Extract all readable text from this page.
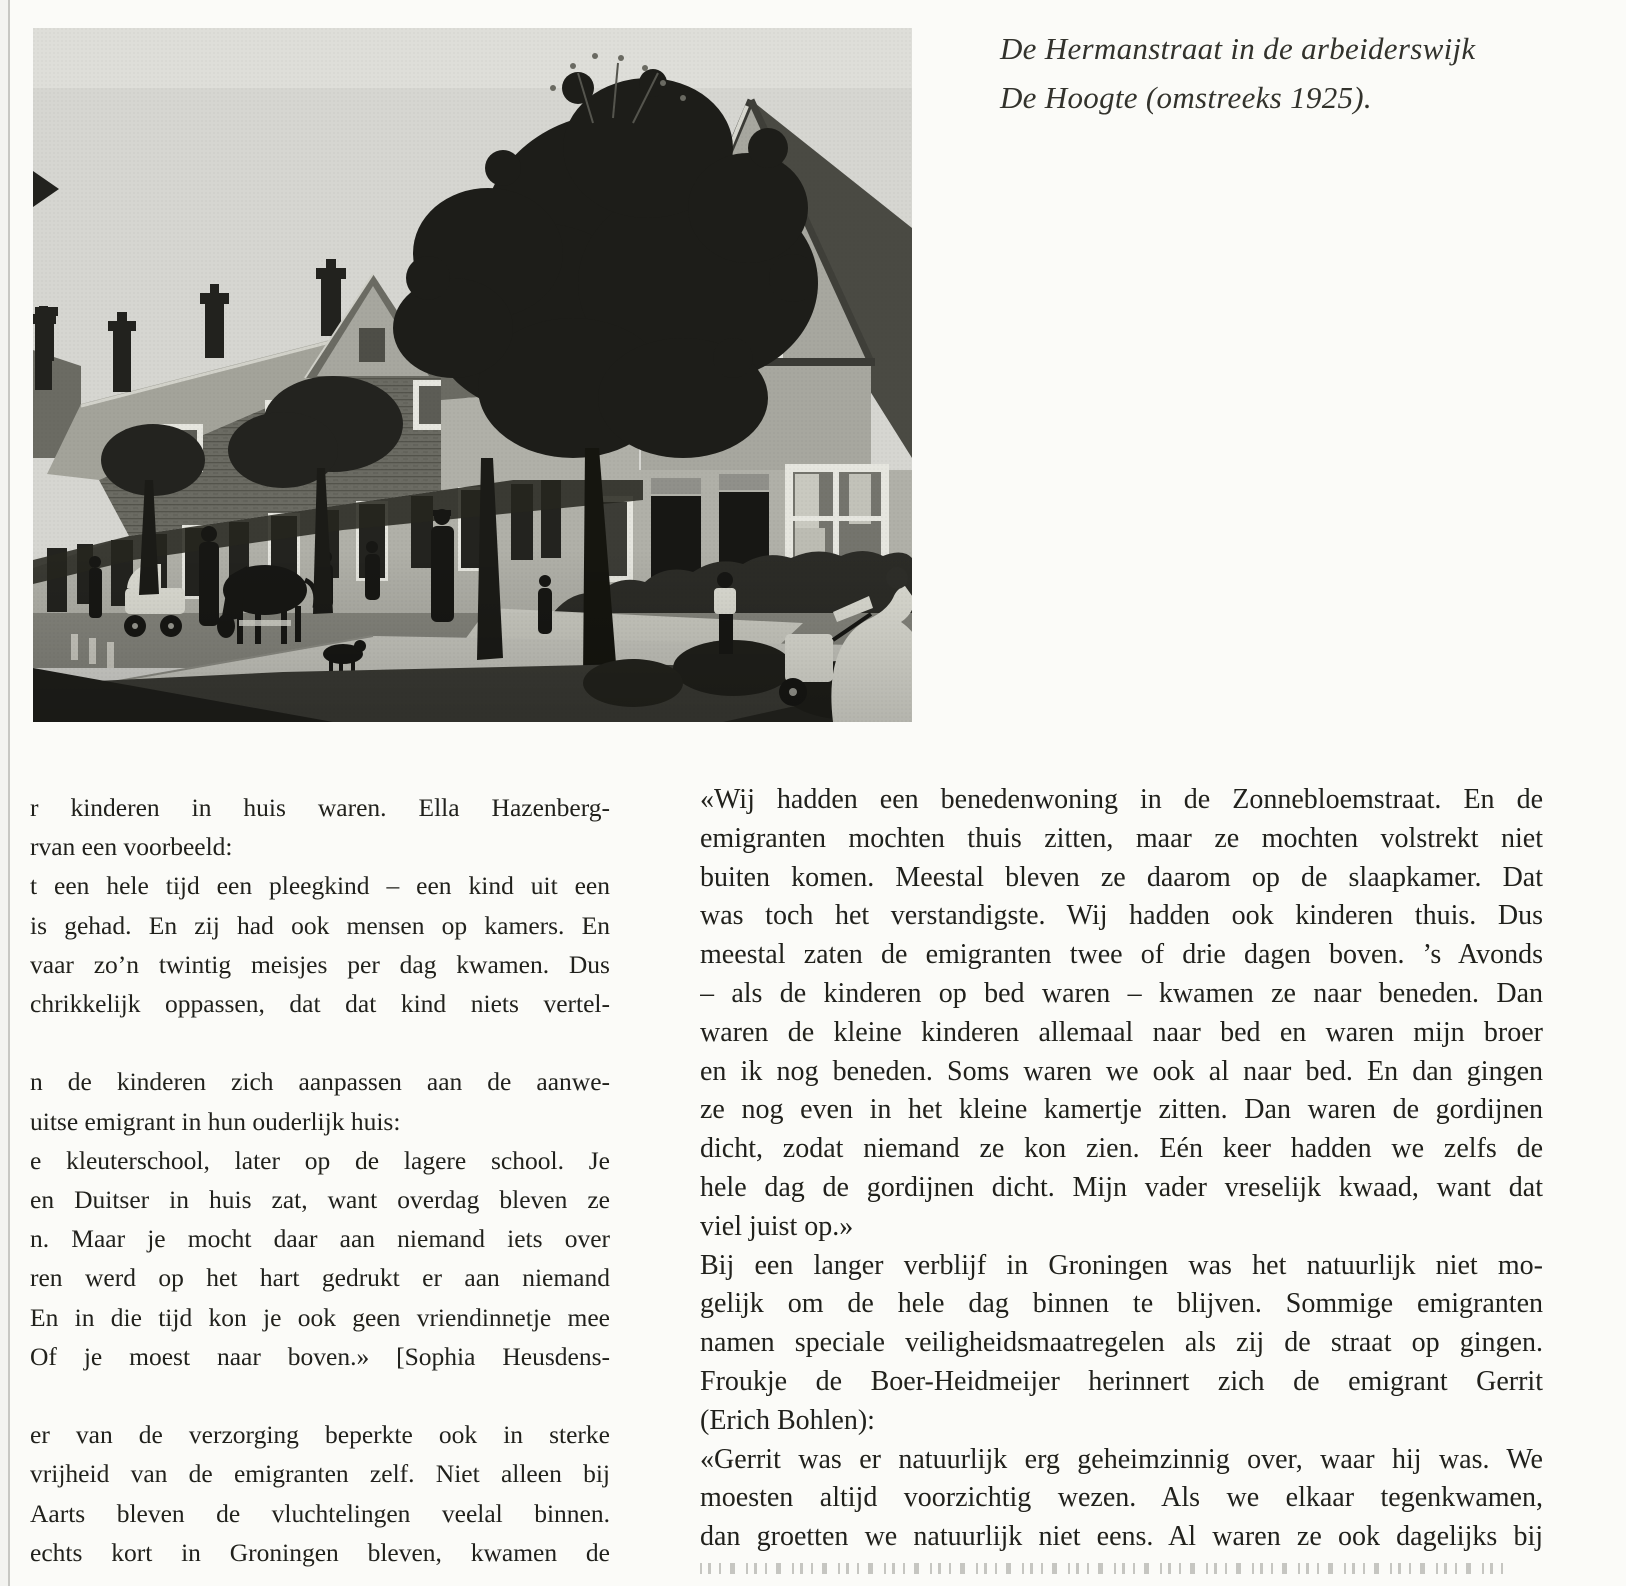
De Hermanstraat in de arbeiderswijk
De Hoogte (omstreeks 1925).
r kinderen in huis waren. Ella Hazenberg-
rvan een voorbeeld:
t een hele tijd een pleegkind – een kind uit een
is gehad. En zij had ook mensen op kamers. En
vaar zo’n twintig meisjes per dag kwamen. Dus
chrikkelijk oppassen, dat dat kind niets vertel-
n de kinderen zich aanpassen aan de aanwe-
uitse emigrant in hun ouderlijk huis:
e kleuterschool, later op de lagere school. Je
en Duitser in huis zat, want overdag bleven ze
n. Maar je mocht daar aan niemand iets over
ren werd op het hart gedrukt er aan niemand
En in die tijd kon je ook geen vriendinnetje mee
Of je moest naar boven.» [Sophia Heusdens-
er van de verzorging beperkte ook in sterke
vrijheid van de emigranten zelf. Niet alleen bij
Aarts bleven de vluchtelingen veelal binnen.
echts kort in Groningen bleven, kwamen de
«Wij hadden een benedenwoning in de Zonnebloemstraat. En de
emigranten mochten thuis zitten, maar ze mochten volstrekt niet
buiten komen. Meestal bleven ze daarom op de slaapkamer. Dat
was toch het verstandigste. Wij hadden ook kinderen thuis. Dus
meestal zaten de emigranten twee of drie dagen boven. ’s Avonds
– als de kinderen op bed waren – kwamen ze naar beneden. Dan
waren de kleine kinderen allemaal naar bed en waren mijn broer
en ik nog beneden. Soms waren we ook al naar bed. En dan gingen
ze nog even in het kleine kamertje zitten. Dan waren de gordijnen
dicht, zodat niemand ze kon zien. Eén keer hadden we zelfs de
hele dag de gordijnen dicht. Mijn vader vreselijk kwaad, want dat
viel juist op.»
Bij een langer verblijf in Groningen was het natuurlijk niet mo-
gelijk om de hele dag binnen te blijven. Sommige emigranten
namen speciale veiligheidsmaatregelen als zij de straat op gingen.
Froukje de Boer-Heidmeijer herinnert zich de emigrant Gerrit
(Erich Bohlen):
«Gerrit was er natuurlijk erg geheimzinnig over, waar hij was. We
moesten altijd voorzichtig wezen. Als we elkaar tegenkwamen,
dan groetten we natuurlijk niet eens. Al waren ze ook dagelijks bij
